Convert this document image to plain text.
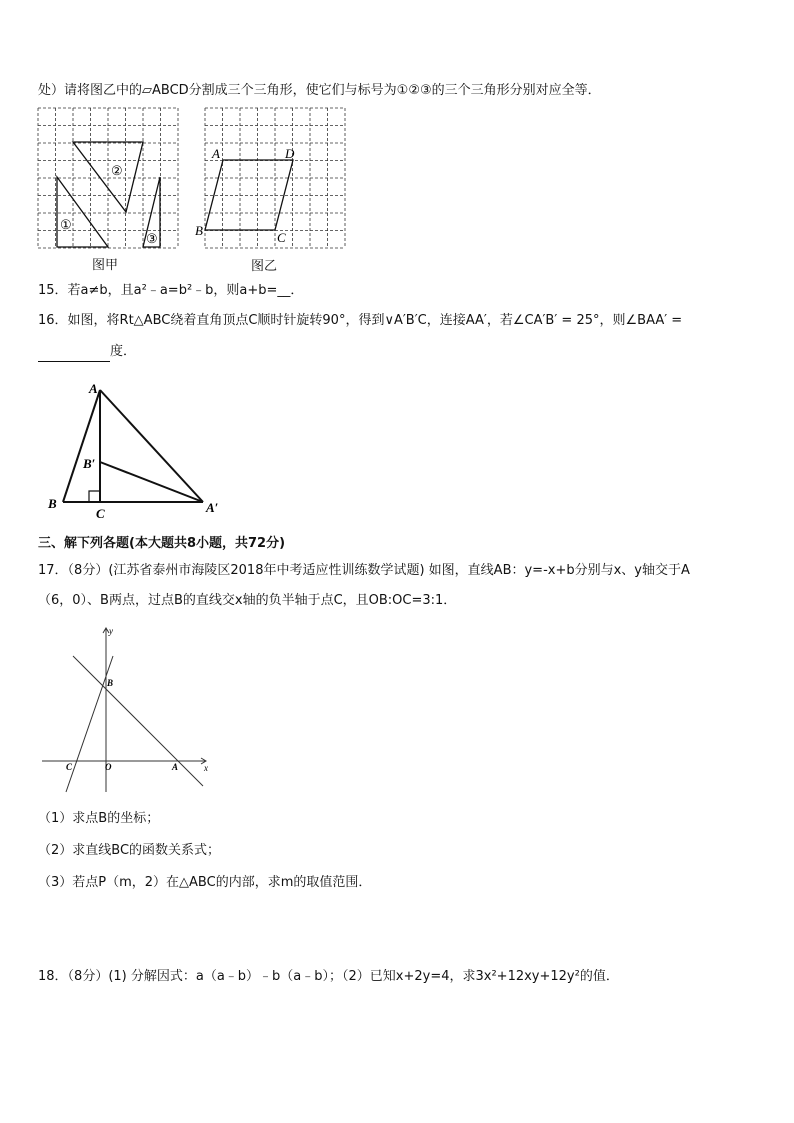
处）请将图乙中的▱ABCD分割成三个三角形，使它们与标号为①②③的三个三角形分别对应全等．
②
①
③
图甲
A	D
B	C
图乙
15．若a≠b，且a²﹣a=b²﹣b，则a+b=__．
16．如图，将Rt△ABC绕着直角顶点C顺时针旋转90°，得到∨A′B′C，连接AA′，若∠CA′B′ = 25°，则∠BAA′ =
度．
A
B′
B
C	A′
三、解下列各题(本大题共8小题，共72分)
17．（8分）(江苏省泰州市海陵区2018年中考适应性训练数学试题) 如图，直线AB：y=-x+b分别与x、y轴交于A
（6，0）、B两点，过点B的直线交x轴的负半轴于点C，且OB:OC=3:1．
y
B
C	O	A	x
（1）求点B的坐标；
（2）求直线BC的函数关系式；
（3）若点P（m，2）在△ABC的内部，求m的取值范围．
18．（8分）(1) 分解因式：a（a﹣b）﹣b（a﹣b）；（2）已知x+2y=4，求3x²+12xy+12y²的值．
